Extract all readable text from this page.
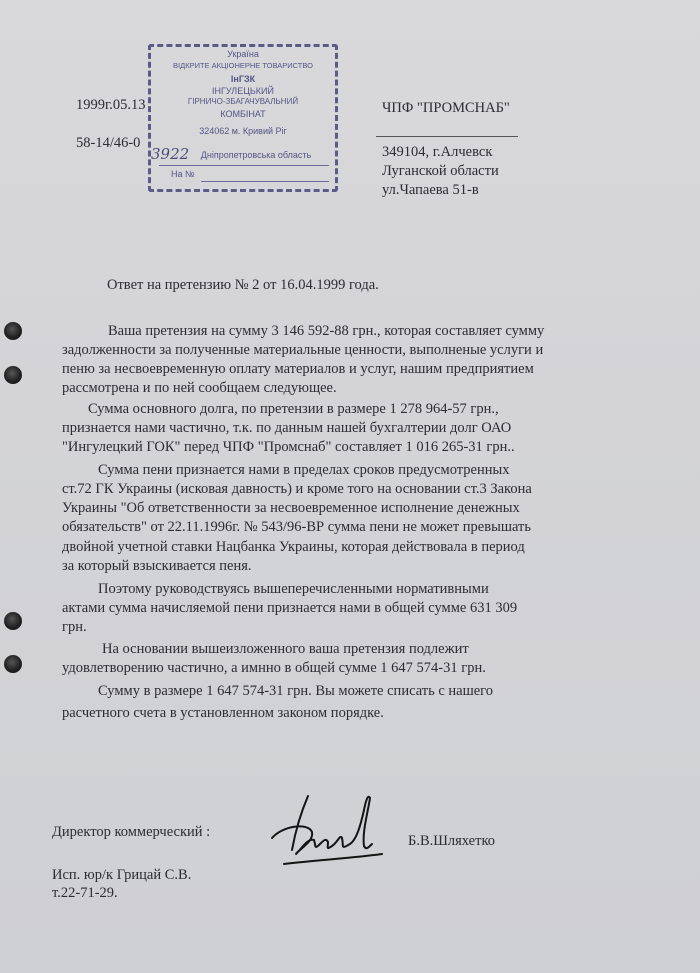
1999г.05.13
58-14/46-0
ЧПФ "ПРОМСНАБ"
349104, г.Алчевск
Луганской области
ул.Чапаева 51-в
Україна
ВІДКРИТЕ АКЦІОНЕРНЕ ТОВАРИСТВО
ІнГЗК
ІНГУЛЕЦЬКИЙ
ГІРНИЧО-ЗБАГАЧУВАЛЬНИЙ
КОМБІНАТ
324062 м. Кривий Ріг
3922	Дніпропетровська область
На №
Ответ на претензию № 2 от 16.04.1999 года.
Ваша претензия на сумму 3 146 592-88 грн., которая составляет сумму
задолженности за полученные материальные ценности, выполненые услуги и
пеню за несвоевременную оплату материалов и услуг, нашим предприятием
рассмотрена и по ней сообщаем следующее.
Сумма основного долга, по претензии в размере 1 278 964-57 грн.,
признается нами частично, т.к. по данным нашей бухгалтерии долг ОАО
"Ингулецкий ГОК" перед ЧПФ "Промснаб" составляет 1 016 265-31 грн..
Сумма пени признается нами в пределах сроков предусмотренных
ст.72 ГК Украины (исковая давность) и кроме того на основании ст.3 Закона
Украины "Об ответственности за несвоевременное исполнение денежных
обязательств" от 22.11.1996г. № 543/96-ВР сумма пени не может превышать
двойной учетной ставки Нацбанка Украины, которая действовала в период
за который взыскивается пеня.
Поэтому руководствуясь вышеперечисленными нормативными
актами сумма начисляемой пени признается нами в общей сумме 631 309
грн.
На основании вышеизложенного ваша претензия подлежит
удовлетворению частично, а имнно в общей сумме 1 647 574-31 грн.
Сумму в размере 1 647 574-31 грн. Вы можете списать с нашего
расчетного счета в установленном законом порядке.
Директор коммерческий :
Б.В.Шляхетко
Исп. юр/к Грицай С.В.
т.22-71-29.
